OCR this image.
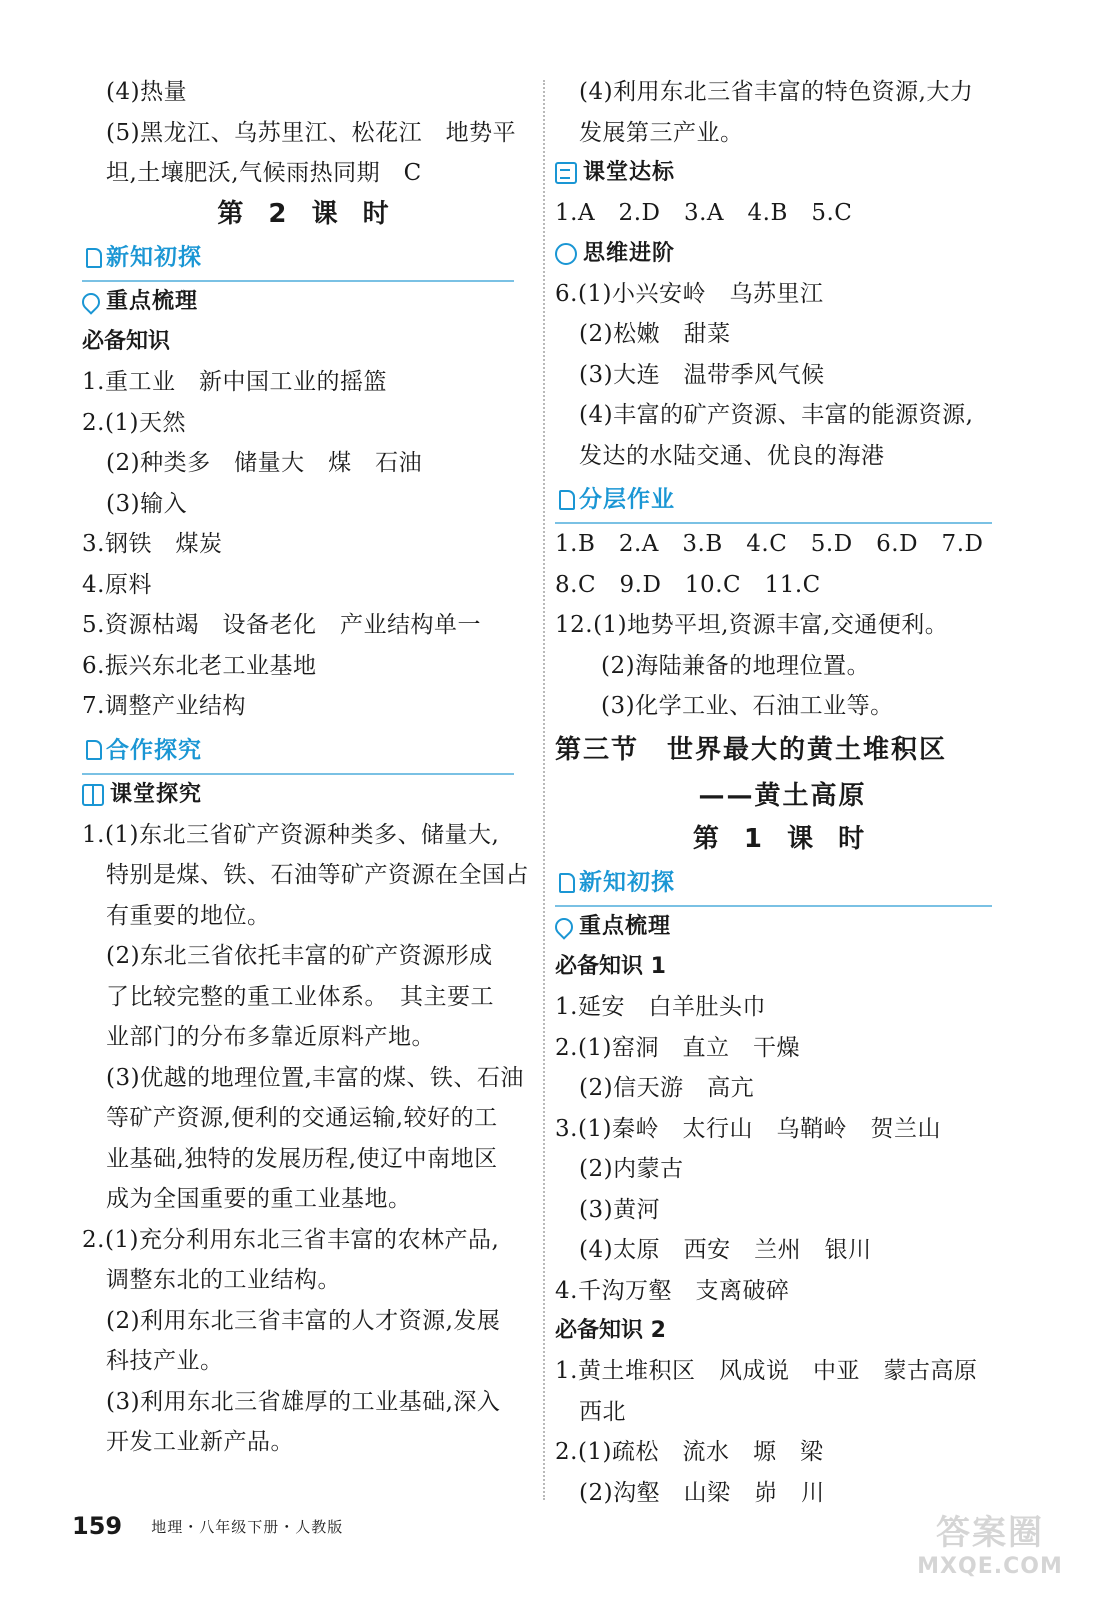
(4)热量
(5)黑龙江、乌苏里江、松花江　地势平
坦,土壤肥沃,气候雨热同期　C
第 2 课 时
新知初探
重点梳理
必备知识
1.重工业　新中国工业的摇篮
2.(1)天然
(2)种类多　储量大　煤　石油
(3)输入
3.钢铁　煤炭
4.原料
5.资源枯竭　设备老化　产业结构单一
6.振兴东北老工业基地
7.调整产业结构
合作探究
课堂探究
1.(1)东北三省矿产资源种类多、储量大,
特别是煤、铁、石油等矿产资源在全国占
有重要的地位。
(2)东北三省依托丰富的矿产资源形成
了比较完整的重工业体系。　其主要工
业部门的分布多靠近原料产地。
(3)优越的地理位置,丰富的煤、铁、石油
等矿产资源,便利的交通运输,较好的工
业基础,独特的发展历程,使辽中南地区
成为全国重要的重工业基地。
2.(1)充分利用东北三省丰富的农林产品,
调整东北的工业结构。
(2)利用东北三省丰富的人才资源,发展
科技产业。
(3)利用东北三省雄厚的工业基础,深入
开发工业新产品。
(4)利用东北三省丰富的特色资源,大力
发展第三产业。
课堂达标
1.A　2.D　3.A　4.B　5.C
思维进阶
6.(1)小兴安岭　乌苏里江
(2)松嫩　甜菜
(3)大连　温带季风气候
(4)丰富的矿产资源、丰富的能源资源,
发达的水陆交通、优良的海港
分层作业
1.B　2.A　3.B　4.C　5.D　6.D　7.D
8.C　9.D　10.C　11.C
12.(1)地势平坦,资源丰富,交通便利。
(2)海陆兼备的地理位置。
(3)化学工业、石油工业等。
第三节　世界最大的黄土堆积区
——黄土高原
第 1 课 时
新知初探
重点梳理
必备知识 1
1.延安　白羊肚头巾
2.(1)窑洞　直立　干燥
(2)信天游　高亢
3.(1)秦岭　太行山　乌鞘岭　贺兰山
(2)内蒙古
(3)黄河
(4)太原　西安　兰州　银川
4.千沟万壑　支离破碎
必备知识 2
1.黄土堆积区　风成说　中亚　蒙古高原
西北
2.(1)疏松　流水　塬　梁
(2)沟壑　山梁　峁　川
159 地理・八年级下册・人教版	答案圈
MXQE.COM
